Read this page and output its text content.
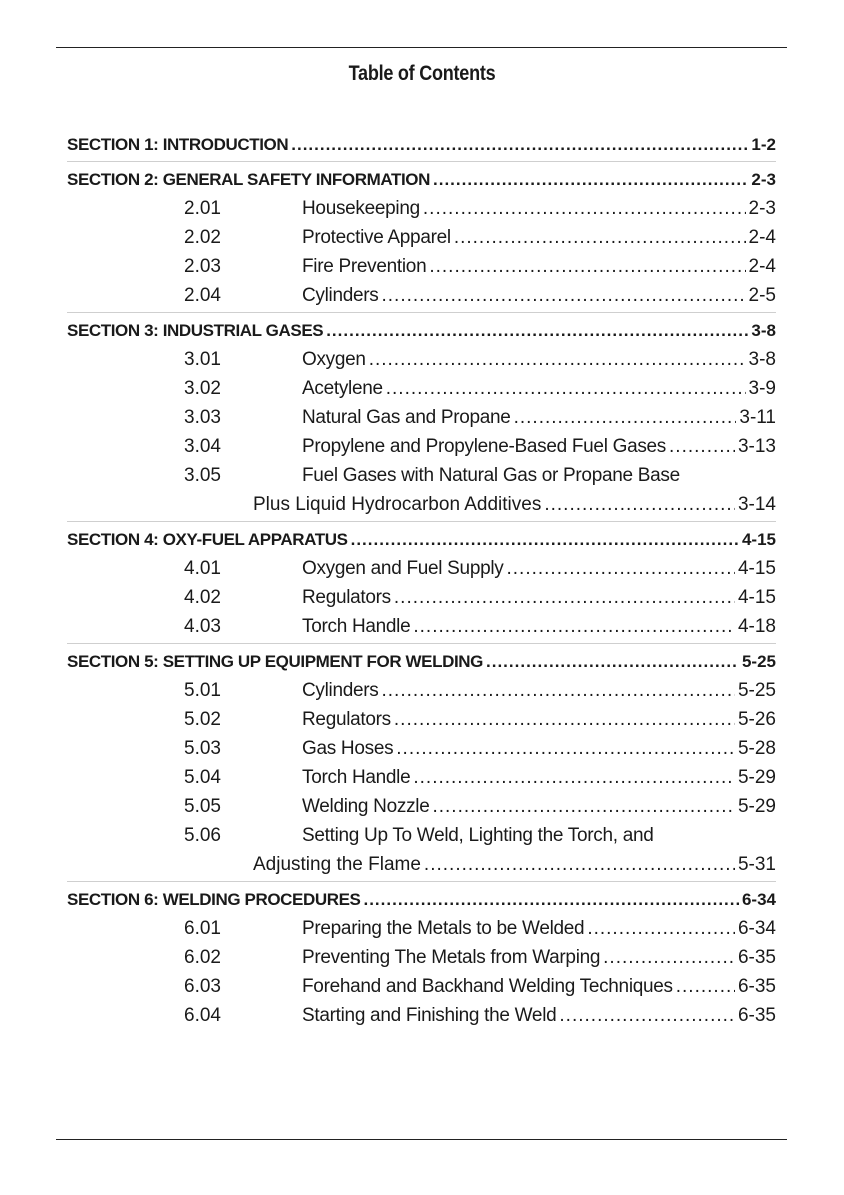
Table of Contents
SECTION 1: INTRODUCTION .....	1-2
SECTION 2: GENERAL SAFETY INFORMATION .....	2-3
2.01	Housekeeping .....	2-3
2.02	Protective Apparel .....	2-4
2.03	Fire Prevention .....	2-4
2.04	Cylinders .....	2-5
SECTION 3: INDUSTRIAL GASES .....	3-8
3.01	Oxygen .....	3-8
3.02	Acetylene .....	3-9
3.03	Natural Gas and Propane .....	3-11
3.04	Propylene and Propylene-Based Fuel Gases .....	3-13
3.05	Fuel Gases with Natural Gas or Propane Base
Plus Liquid Hydrocarbon Additives .....	3-14
SECTION 4: OXY-FUEL APPARATUS .....	4-15
4.01	Oxygen and Fuel Supply .....	4-15
4.02	Regulators .....	4-15
4.03	Torch Handle .....	4-18
SECTION 5: SETTING UP EQUIPMENT FOR WELDING .....	5-25
5.01	Cylinders .....	5-25
5.02	Regulators .....	5-26
5.03	Gas Hoses .....	5-28
5.04	Torch Handle .....	5-29
5.05	Welding Nozzle .....	5-29
5.06	Setting Up To Weld, Lighting the Torch, and
Adjusting the Flame .....	5-31
SECTION 6: WELDING PROCEDURES .....	6-34
6.01	Preparing the Metals to be Welded .....	6-34
6.02	Preventing The Metals from Warping .....	6-35
6.03	Forehand and Backhand Welding Techniques .....	6-35
6.04	Starting and Finishing the Weld .....	6-35
